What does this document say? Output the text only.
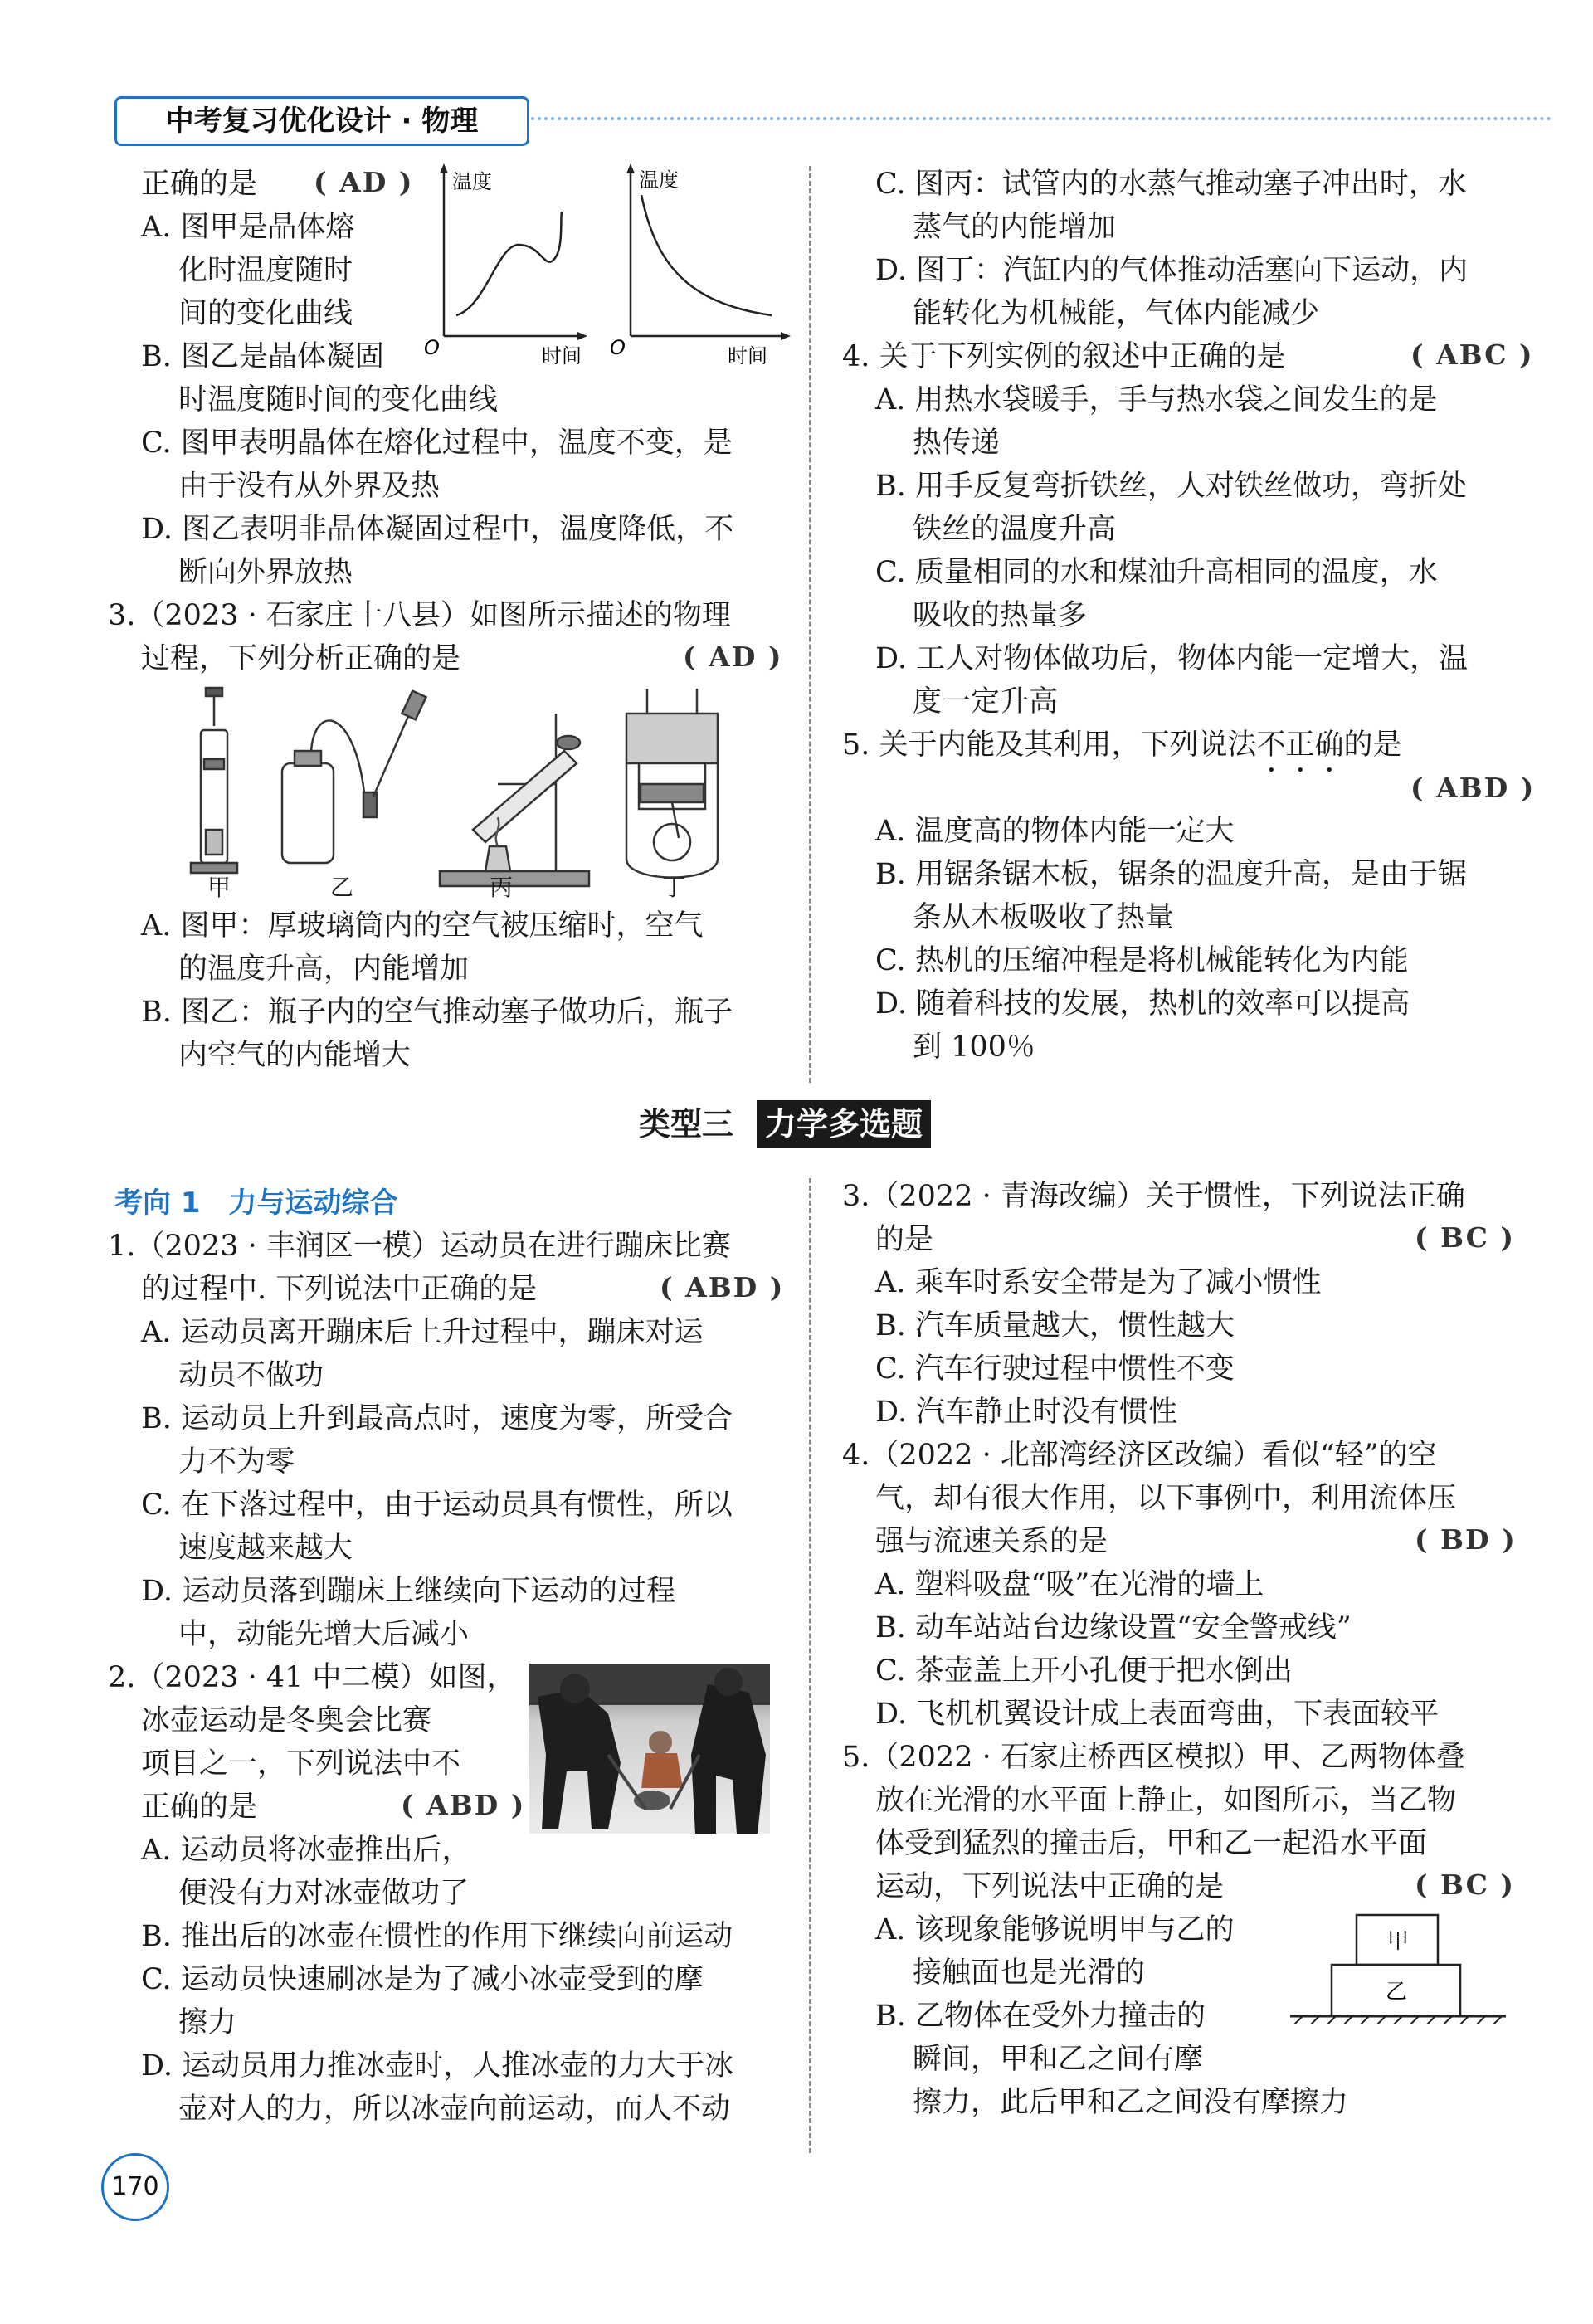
中考复习优化设计 · 物理
正确的是 ( AD )
A. 图甲是晶体熔
化时温度随时
间的变化曲线
B. 图乙是晶体凝固
时温度随时间的变化曲线
C. 图甲表明晶体在熔化过程中，温度不变，是
由于没有从外界及热
D. 图乙表明非晶体凝固过程中，温度降低，不
断向外界放热
温度
O	时间
温度
O	时间
3.（2023 · 石家庄十八县）如图所示描述的物理
过程，下列分析正确的是	( AD )
甲	乙	丙	丁
A. 图甲：厚玻璃筒内的空气被压缩时，空气
的温度升高，内能增加
B. 图乙：瓶子内的空气推动塞子做功后，瓶子
内空气的内能增大
C. 图丙：试管内的水蒸气推动塞子冲出时，水
蒸气的内能增加
D. 图丁：汽缸内的气体推动活塞向下运动，内
能转化为机械能，气体内能减少
4. 关于下列实例的叙述中正确的是	( ABC )
A. 用热水袋暖手，手与热水袋之间发生的是
热传递
B. 用手反复弯折铁丝，人对铁丝做功，弯折处
铁丝的温度升高
C. 质量相同的水和煤油升高相同的温度，水
吸收的热量多
D. 工人对物体做功后，物体内能一定增大，温
度一定升高
5. 关于内能及其利用，下列说法不正确的是
( ABD )
A. 温度高的物体内能一定大
B. 用锯条锯木板，锯条的温度升高，是由于锯
条从木板吸收了热量
C. 热机的压缩冲程是将机械能转化为内能
D. 随着科技的发展，热机的效率可以提高
到 100％
类型三 力学多选题
考向 1　力与运动综合
1.（2023 · 丰润区一模）运动员在进行蹦床比赛
的过程中. 下列说法中正确的是	( ABD )
A. 运动员离开蹦床后上升过程中，蹦床对运
动员不做功
B. 运动员上升到最高点时，速度为零，所受合
力不为零
C. 在下落过程中，由于运动员具有惯性，所以
速度越来越大
D. 运动员落到蹦床上继续向下运动的过程
中，动能先增大后减小
2.（2023 · 41 中二模）如图，
冰壶运动是冬奥会比赛
项目之一，下列说法中不
正确的是	( ABD )
A. 运动员将冰壶推出后，
便没有力对冰壶做功了
B. 推出后的冰壶在惯性的作用下继续向前运动
C. 运动员快速刷冰是为了减小冰壶受到的摩
擦力
D. 运动员用力推冰壶时，人推冰壶的力大于冰
壶对人的力，所以冰壶向前运动，而人不动
3.（2022 · 青海改编）关于惯性，下列说法正确
的是	( BC )
A. 乘车时系安全带是为了减小惯性
B. 汽车质量越大，惯性越大
C. 汽车行驶过程中惯性不变
D. 汽车静止时没有惯性
4.（2022 · 北部湾经济区改编）看似“轻”的空
气，却有很大作用，以下事例中，利用流体压
强与流速关系的是	( BD )
A. 塑料吸盘“吸”在光滑的墙上
B. 动车站站台边缘设置“安全警戒线”
C. 茶壶盖上开小孔便于把水倒出
D. 飞机机翼设计成上表面弯曲，下表面较平
5.（2022 · 石家庄桥西区模拟）甲、乙两物体叠
放在光滑的水平面上静止，如图所示，当乙物
体受到猛烈的撞击后，甲和乙一起沿水平面
运动，下列说法中正确的是	( BC )
A. 该现象能够说明甲与乙的
接触面也是光滑的
B. 乙物体在受外力撞击的
瞬间，甲和乙之间有摩
擦力，此后甲和乙之间没有摩擦力
甲
乙
170
